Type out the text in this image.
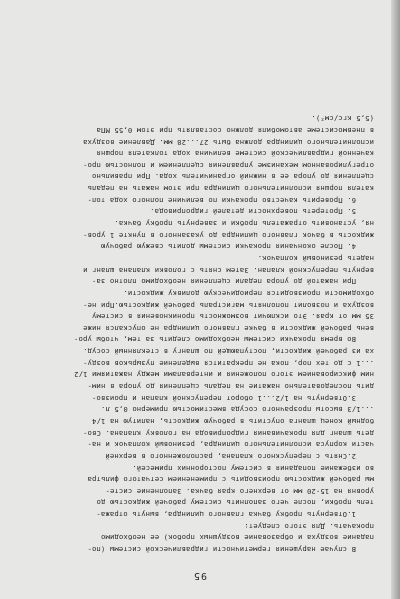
95
В случае нарушения герметичности гидравлической системы (по-
падание воздуха и образование воздушных пробок) ее необходимо
прокачать. Для этого следует:
1.Отвернуть пробку бачка главного цилиндра, вынуть отража-
тель пробки, после чего заполнить систему рабочей жидкостью до
уровня на 15-20 мм от верхнего края бачка. Заполнение систе-
мы рабочей жидкостью производить с применением сетчатого фильтра
во избежание попадания в систему посторонних примесей.
2.Снять с перепускного клапана, расположенного в верхней
части корпуса исполнительного цилиндра, резиновый колпачок и на-
деть шланг для прокачивания гидропривода на головку клапана. Сво-
бодный конец шланга опустить в рабочую жидкость, налитую на 1/4
...1/3 высоты прозрачного сосуда вместимостью примерно 0,5 л.
3.Отвернуть на 1/2...1 оборот перепускной клапан и произво-
дить последовательно нажатие на педаль сцепления до упора в ним-
ним фиксированием этого положения и интервалами между нажатиями 1/2
...1 с до тех пор, пока не прекратится выделение пузырьков возду-
ха из рабочей жидкости, поступающей по шлангу в стеклянный сосуд.
Во время прокачки системы необходимо следить за тем, чтобы уро-
вень рабочей жидкости в бачке главного цилиндра не опускался ниже
35 мм от края. Это исключит возможность проникновения в систему
воздуха и позволит пополнять магистраль рабочей жидкостью.При не-
обходимости производится периодическую доливку жидкости.
При нажатой до упора педали сцепления необходимо плотно за-
вернуть перепускной клапан. Затем снять с головки клапана шланг и
надеть резиновый колпачок.
4. После окончания прокачки системы долить свежую рабочую
жидкость в бачок главного цилиндра до указанного в пункте 1 уров-
ня, установить отражатель пробки и завернуть пробку бачка.
5. Протереть поверхности деталей гидропривода.
6. Проверить качество прокачки по величине полного хода тол-
кателя поршня исполнительного цилиндра при этом нажать на педаль
сцепления до упора ее в нижний ограничитель хода. При правильно
отрегулированном механизме управления сцеплением и полностью про-
каченной гидравлической системе величина хода толкателя поршня
исполнительного цилиндра должна быть 27...28 мм. Давление воздуха
в пневмосистеме автомобиля должно составлять при этом 0,55 МПа
(5,5 кгс/см²).
